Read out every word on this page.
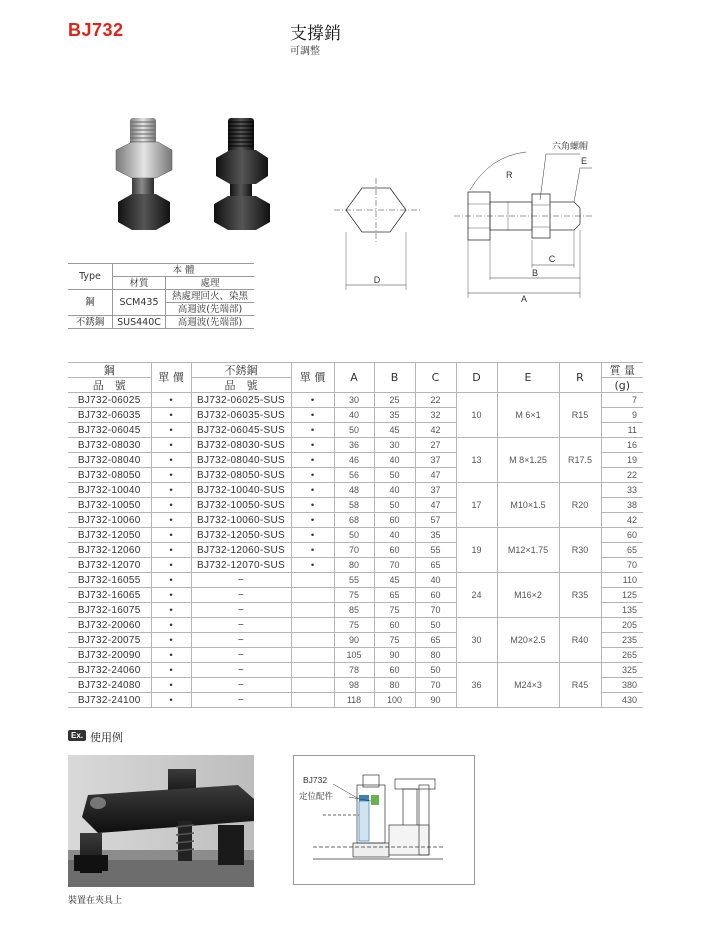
BJ732	支撐銷
可調整
D
六角螺帽
E
R
C
B
A
Type	本 體	
	材質	處理
鋼	SCM435	熱處理回火、染黑
		高週波(先端部)
不銹鋼	SUS440C	高週波(先端部)
鋼	單 價	不銹鋼	單 價	A	B	C	D	E	R	質 量
品　號		品　號								(g)
BJ732-06025	•	BJ732-06025-SUS	•	30	25	22	10	M 6×1	R15	7
BJ732-06035	•	BJ732-06035-SUS	•	40	35	32				9
BJ732-06045	•	BJ732-06045-SUS	•	50	45	42				11
BJ732-08030	•	BJ732-08030-SUS	•	36	30	27	13	M 8×1.25	R17.5	16
BJ732-08040	•	BJ732-08040-SUS	•	46	40	37				19
BJ732-08050	•	BJ732-08050-SUS	•	56	50	47				22
BJ732-10040	•	BJ732-10040-SUS	•	48	40	37	17	M10×1.5	R20	33
BJ732-10050	•	BJ732-10050-SUS	•	58	50	47				38
BJ732-10060	•	BJ732-10060-SUS	•	68	60	57				42
BJ732-12050	•	BJ732-12050-SUS	•	50	40	35	19	M12×1.75	R30	60
BJ732-12060	•	BJ732-12060-SUS	•	70	60	55				65
BJ732-12070	•	BJ732-12070-SUS	•	80	70	65				70
BJ732-16055	•	−		55	45	40	24	M16×2	R35	110
BJ732-16065	•	−		75	65	60				125
BJ732-16075	•	−		85	75	70				135
BJ732-20060	•	−		75	60	50	30	M20×2.5	R40	205
BJ732-20075	•	−		90	75	65				235
BJ732-20090	•	−		105	90	80				265
BJ732-24060	•	−		78	60	50	36	M24×3	R45	325
BJ732-24080	•	−		98	80	70				380
BJ732-24100	•	−		118	100	90				430
Ex. 使用例
BJ732
定位配件
裝置在夾具上
